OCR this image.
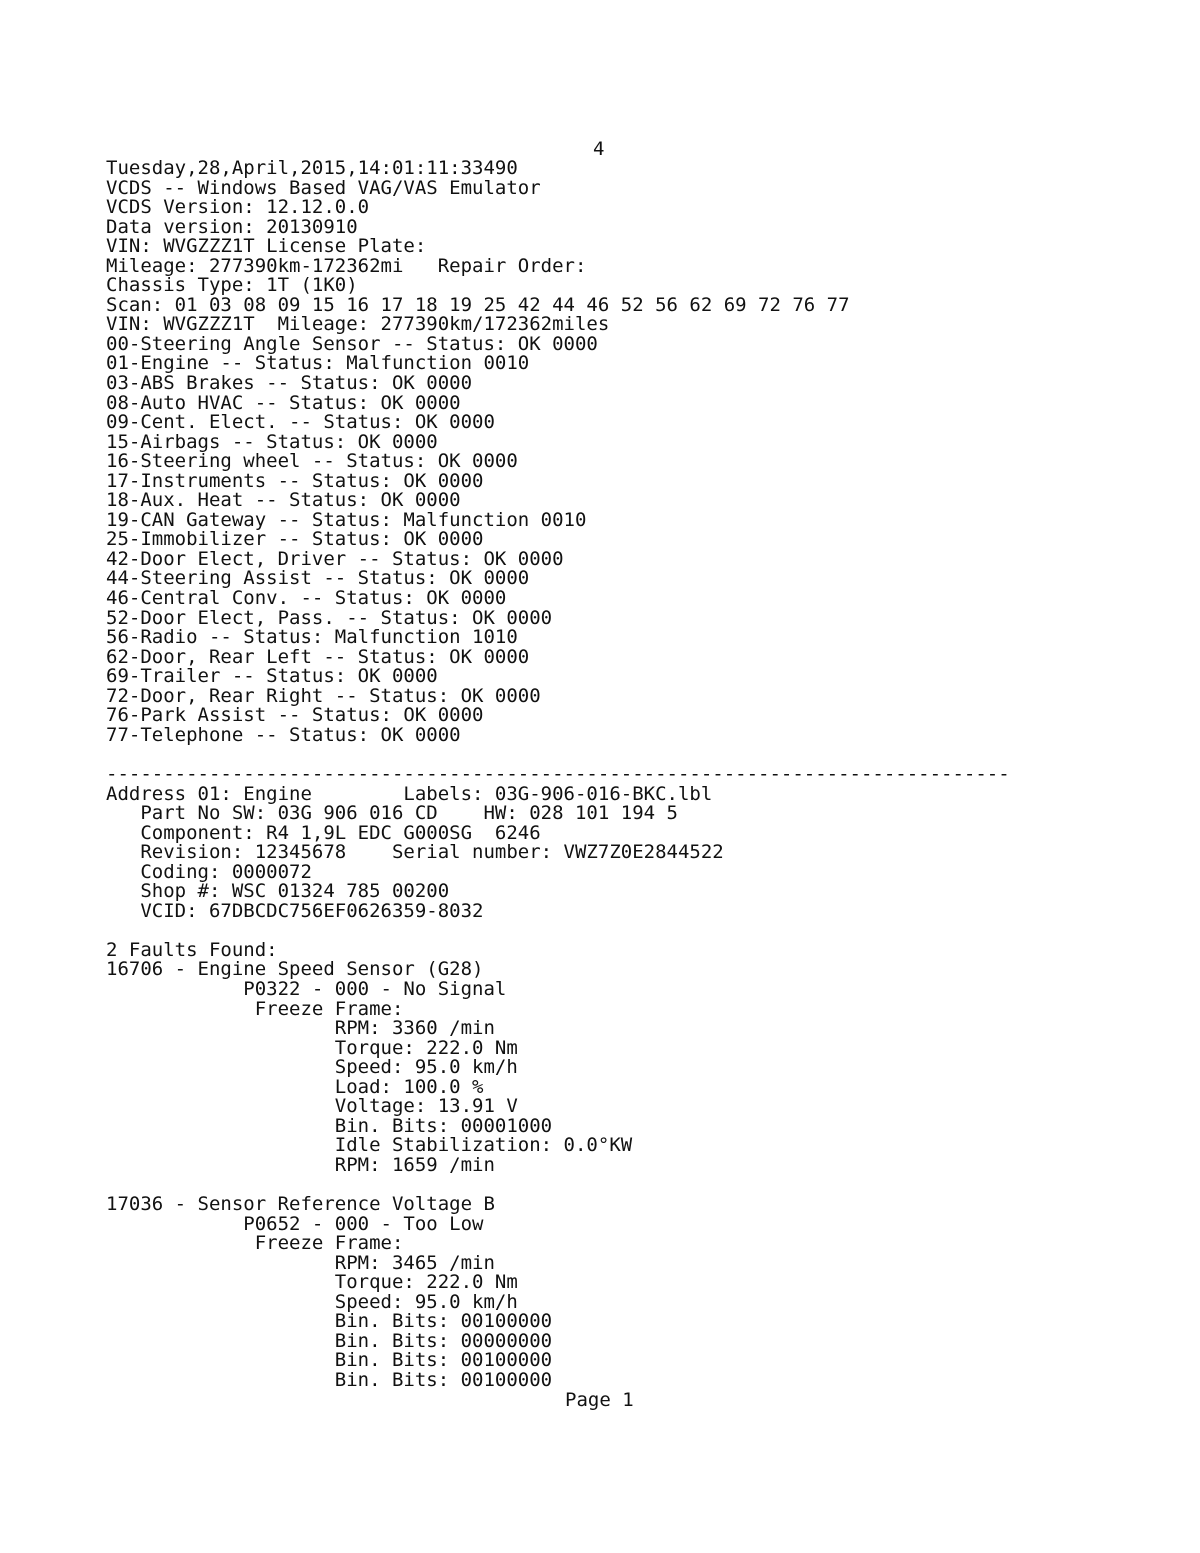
4
Tuesday,28,April,2015,14:01:11:33490
VCDS -- Windows Based VAG/VAS Emulator
VCDS Version: 12.12.0.0
Data version: 20130910
VIN: WVGZZZ1T License Plate:
Mileage: 277390km-172362mi   Repair Order:
Chassis Type: 1T (1K0)
Scan: 01 03 08 09 15 16 17 18 19 25 42 44 46 52 56 62 69 72 76 77
VIN: WVGZZZ1T  Mileage: 277390km/172362miles
00-Steering Angle Sensor -- Status: OK 0000
01-Engine -- Status: Malfunction 0010
03-ABS Brakes -- Status: OK 0000
08-Auto HVAC -- Status: OK 0000
09-Cent. Elect. -- Status: OK 0000
15-Airbags -- Status: OK 0000
16-Steering wheel -- Status: OK 0000
17-Instruments -- Status: OK 0000
18-Aux. Heat -- Status: OK 0000
19-CAN Gateway -- Status: Malfunction 0010
25-Immobilizer -- Status: OK 0000
42-Door Elect, Driver -- Status: OK 0000
44-Steering Assist -- Status: OK 0000
46-Central Conv. -- Status: OK 0000
52-Door Elect, Pass. -- Status: OK 0000
56-Radio -- Status: Malfunction 1010
62-Door, Rear Left -- Status: OK 0000
69-Trailer -- Status: OK 0000
72-Door, Rear Right -- Status: OK 0000
76-Park Assist -- Status: OK 0000
77-Telephone -- Status: OK 0000
-------------------------------------------------------------------------------
Address 01: Engine        Labels: 03G-906-016-BKC.lbl
Part No SW: 03G 906 016 CD    HW: 028 101 194 5
Component: R4 1,9L EDC G000SG  6246
Revision: 12345678    Serial number: VWZ7Z0E2844522
Coding: 0000072
Shop #: WSC 01324 785 00200
VCID: 67DBCDC756EF0626359-8032
2 Faults Found:
16706 - Engine Speed Sensor (G28)
P0322 - 000 - No Signal
Freeze Frame:
RPM: 3360 /min
Torque: 222.0 Nm
Speed: 95.0 km/h
Load: 100.0 %
Voltage: 13.91 V
Bin. Bits: 00001000
Idle Stabilization: 0.0°KW
RPM: 1659 /min
17036 - Sensor Reference Voltage B
P0652 - 000 - Too Low
Freeze Frame:
RPM: 3465 /min
Torque: 222.0 Nm
Speed: 95.0 km/h
Bin. Bits: 00100000
Bin. Bits: 00000000
Bin. Bits: 00100000
Bin. Bits: 00100000
Page 1
